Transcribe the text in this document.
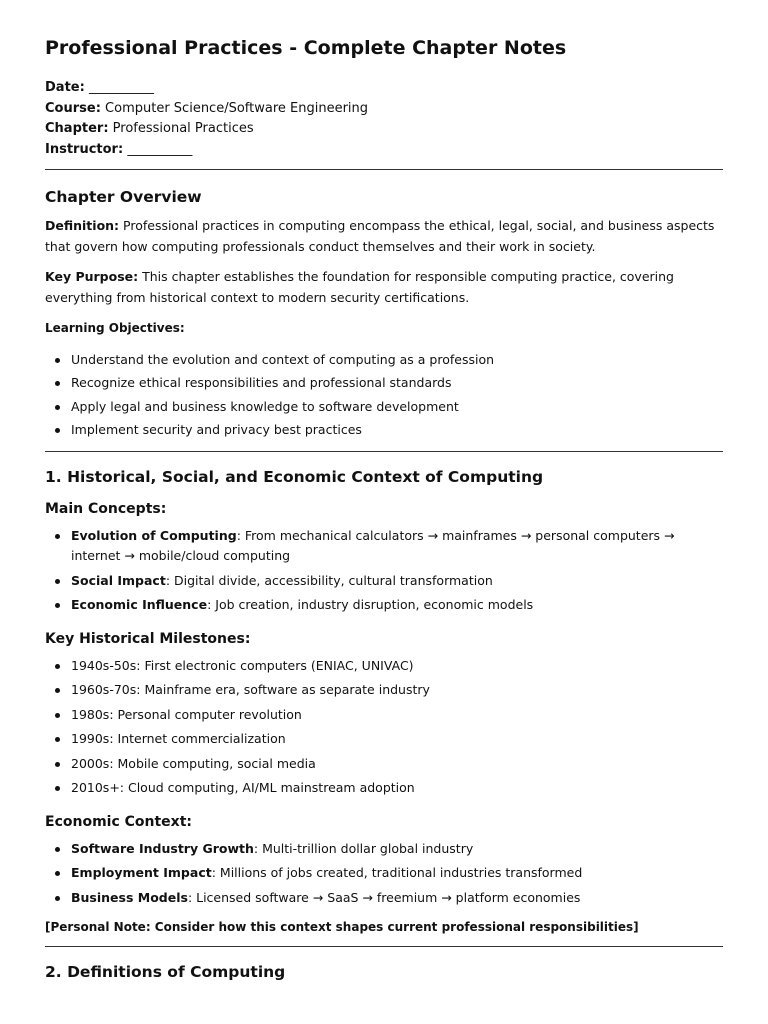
Professional Practices - Complete Chapter Notes
Date: __________
Course: Computer Science/Software Engineering
Chapter: Professional Practices
Instructor: __________
Chapter Overview

Definition: Professional practices in computing encompass the ethical, legal, social, and business aspects that govern how computing professionals conduct themselves and their work in society.

Key Purpose: This chapter establishes the foundation for responsible computing practice, covering everything from historical context to modern security certifications.

Learning Objectives:

Understand the evolution and context of computing as a profession
Recognize ethical responsibilities and professional standards
Apply legal and business knowledge to software development
Implement security and privacy best practices
1. Historical, Social, and Economic Context of Computing
Main Concepts:
Evolution of Computing: From mechanical calculators → mainframes → personal computers → internet → mobile/cloud computing
Social Impact: Digital divide, accessibility, cultural transformation
Economic Influence: Job creation, industry disruption, economic models
Key Historical Milestones:
1940s-50s: First electronic computers (ENIAC, UNIVAC)
1960s-70s: Mainframe era, software as separate industry
1980s: Personal computer revolution
1990s: Internet commercialization
2000s: Mobile computing, social media
2010s+: Cloud computing, AI/ML mainstream adoption
Economic Context:
Software Industry Growth: Multi-trillion dollar global industry
Employment Impact: Millions of jobs created, traditional industries transformed
Business Models: Licensed software → SaaS → freemium → platform economies

[Personal Note: Consider how this context shapes current professional responsibilities]

2. Definitions of Computing
